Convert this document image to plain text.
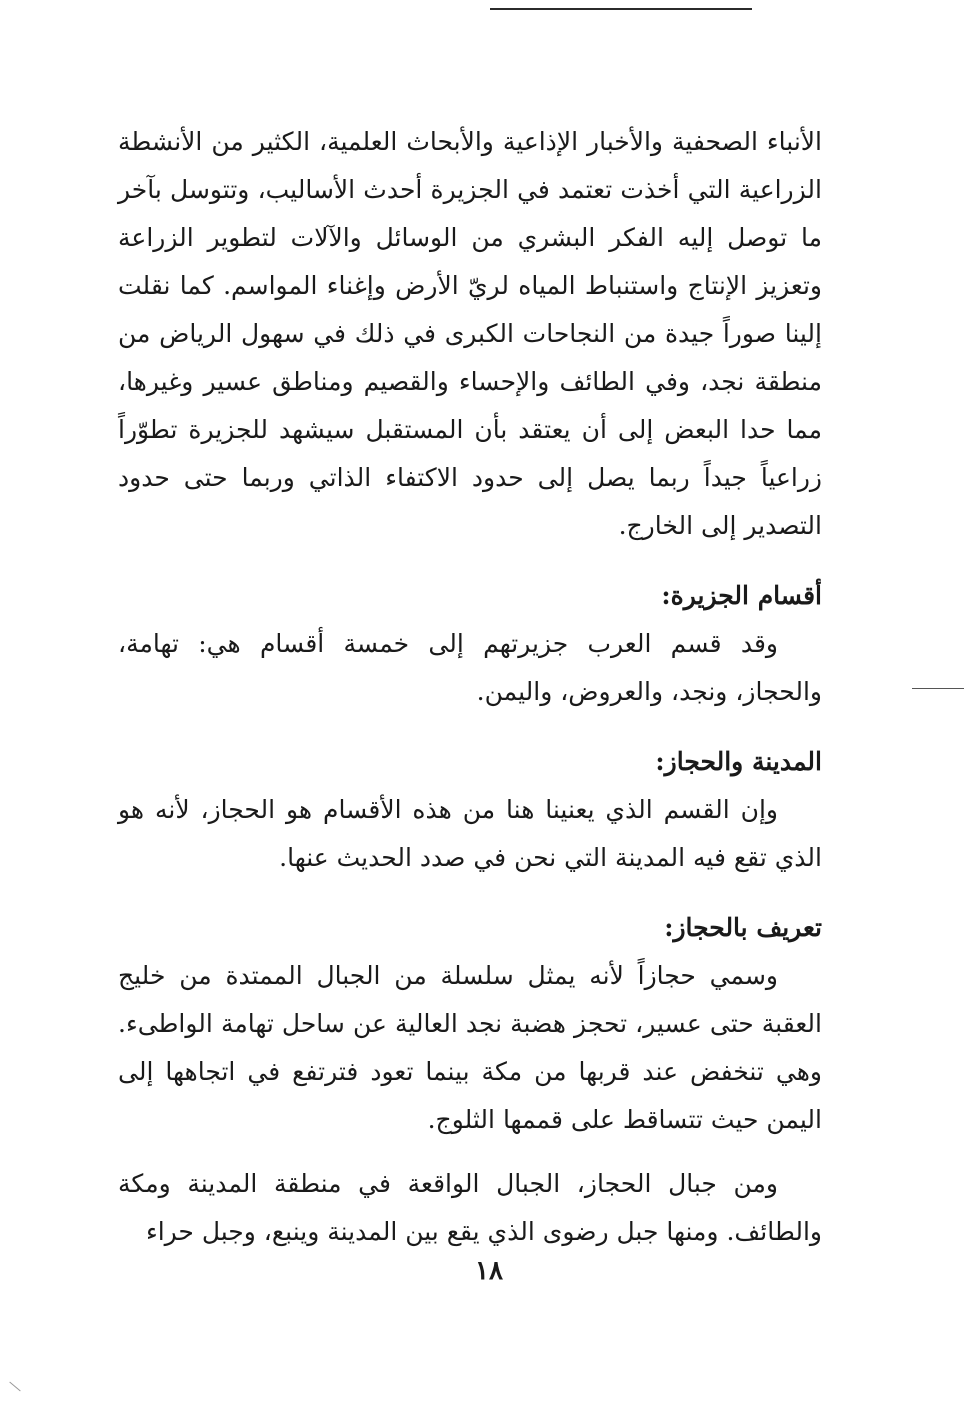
الأنباء الصحفية والأخبار الإذاعية والأبحاث العلمية، الكثير من الأنشطة الزراعية التي أخذت تعتمد في الجزيرة أحدث الأساليب، وتتوسل بآخر ما توصل إليه الفكر البشري من الوسائل والآلات لتطوير الزراعة وتعزيز الإنتاج واستنباط المياه لريّ الأرض وإغناء المواسم. كما نقلت إلينا صوراً جيدة من النجاحات الكبرى في ذلك في سهول الرياض من منطقة نجد، وفي الطائف والإحساء والقصيم ومناطق عسير وغيرها، مما حدا البعض إلى أن يعتقد بأن المستقبل سيشهد للجزيرة تطوّراً زراعياً جيداً ربما يصل إلى حدود الاكتفاء الذاتي وربما حتى حدود التصدير إلى الخارج.

أقسام الجزيرة:

وقد قسم العرب جزيرتهم إلى خمسة أقسام هي: تهامة، والحجاز، ونجد، والعروض، واليمن.

المدينة والحجاز:

وإن القسم الذي يعنينا هنا من هذه الأقسام هو الحجاز، لأنه هو الذي تقع فيه المدينة التي نحن في صدد الحديث عنها.

تعريف بالحجاز:

وسمي حجازاً لأنه يمثل سلسلة من الجبال الممتدة من خليج العقبة حتى عسير، تحجز هضبة نجد العالية عن ساحل تهامة الواطىء. وهي تنخفض عند قربها من مكة بينما تعود فترتفع في اتجاهها إلى اليمن حيث تتساقط على قممها الثلوج.

ومن جبال الحجاز، الجبال الواقعة في منطقة المدينة ومكة والطائف. ومنها جبل رضوى الذي يقع بين المدينة وينبع، وجبل حراء

١٨
